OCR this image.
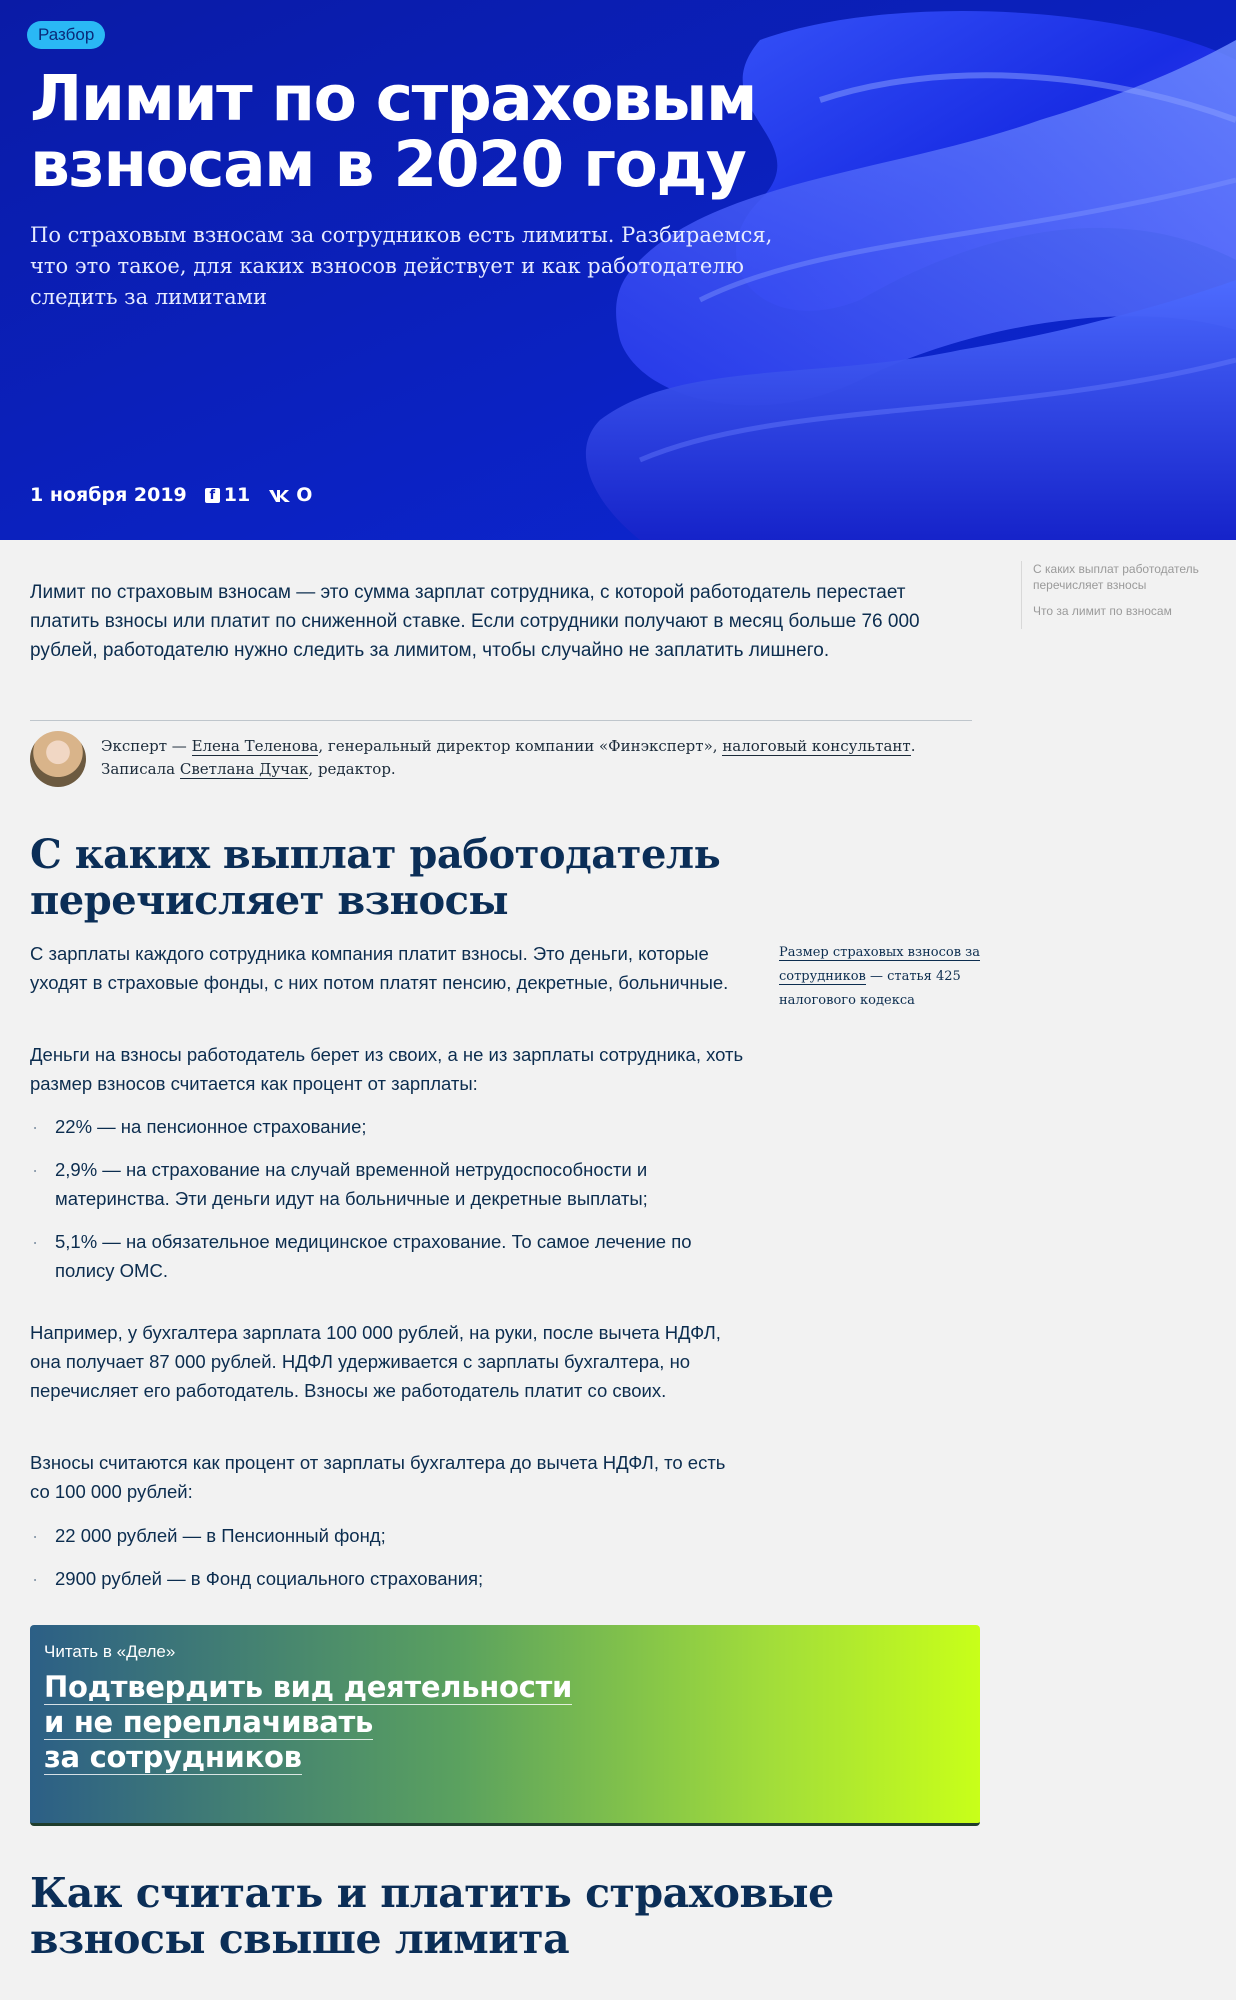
Разбор
Лимит по страховым взносам в 2020 году

По страховым взносам за сотрудников есть лимиты. Разбираемся, что это такое, для каких взносов действует и как работодателю следить за лимитами

1 ноября 2019	f 11 О
С каких выплат работодатель перечисляет взносы
Что за лимит по взносам

Лимит по страховым взносам — это сумма зарплат сотрудника, с которой работодатель перестает платить взносы или платит по сниженной ставке. Если сотрудники получают в месяц больше 76 000 рублей, работодателю нужно следить за лимитом, чтобы случайно не заплатить лишнего.

Эксперт — Елена Теленова, генеральный директор компании «Финэксперт», налоговый консультант.
Записала Светлана Дучак, редактор.
С каких выплат работодатель перечисляет взносы

С зарплаты каждого сотрудника компания платит взносы. Это деньги, которые уходят в страховые фонды, с них потом платят пенсию, декретные, больничные.

Деньги на взносы работодатель берет из своих, а не из зарплаты сотрудника, хоть размер взносов считается как процент от зарплаты:

· 22% — на пенсионное страхование;
· 2,9% — на страхование на случай временной нетрудоспособности и материнства. Эти деньги идут на больничные и декретные выплаты;
· 5,1% — на обязательное медицинское страхование. То самое лечение по полису ОМС.

Например, у бухгалтера зарплата 100 000 рублей, на руки, после вычета НДФЛ, она получает 87 000 рублей. НДФЛ удерживается с зарплаты бухгалтера, но перечисляет его работодатель. Взносы же работодатель платит со своих.

Взносы считаются как процент от зарплаты бухгалтера до вычета НДФЛ, то есть со 100 000 рублей:

· 22 000 рублей — в Пенсионный фонд;
· 2900 рублей — в Фонд социального страхования;
Размер страховых взносов за сотрудников — статья 425 налогового кодекса
Читать в «Деле»
Подтвердить вид деятельности
и не переплачивать
за сотрудников
Как считать и платить страховые взносы свыше лимита
